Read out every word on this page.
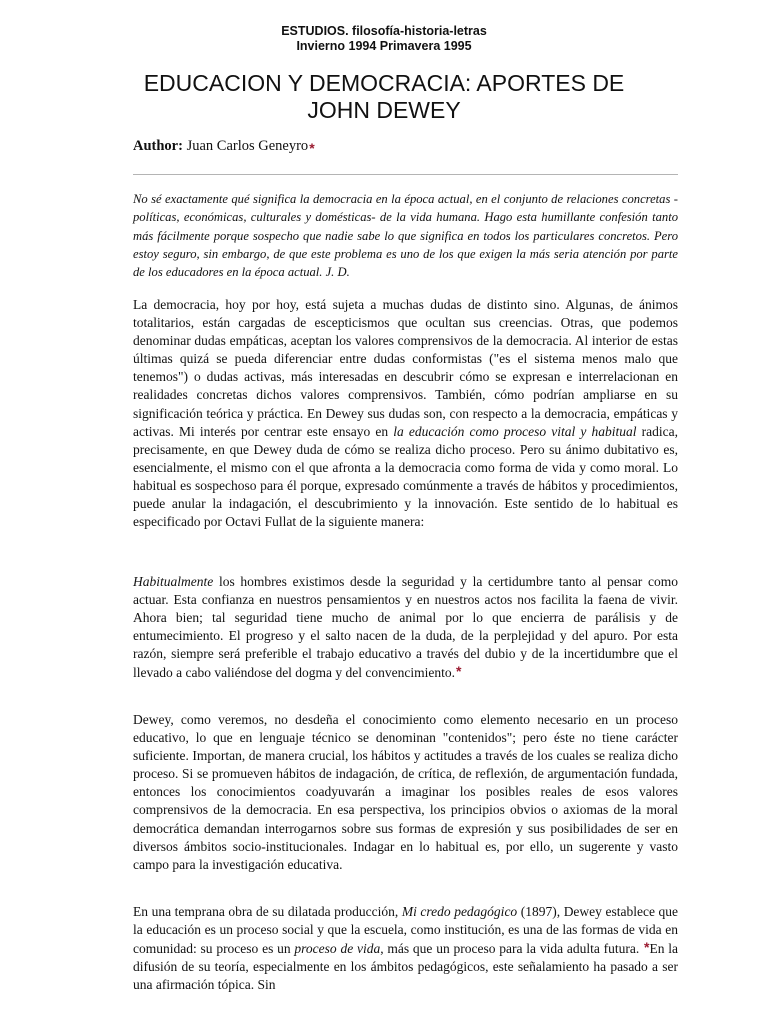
ESTUDIOS. filosofía-historia-letras
Invierno 1994 Primavera 1995
EDUCACION Y DEMOCRACIA: APORTES DE
JOHN DEWEY
Author: Juan Carlos Geneyro*

No sé exactamente qué significa la democracia en la época actual, en el conjunto de relaciones concretas -políticas, económicas, culturales y domésticas- de la vida humana. Hago esta humillante confesión tanto más fácilmente porque sospecho que nadie sabe lo que significa en todos los particulares concretos. Pero estoy seguro, sin embargo, de que este problema es uno de los que exigen la más seria atención por parte de los educadores en la época actual. J. D.

La democracia, hoy por hoy, está sujeta a muchas dudas de distinto sino. Algunas, de ánimos totalitarios, están cargadas de escepticismos que ocultan sus creencias. Otras, que podemos denominar dudas empáticas, aceptan los valores comprensivos de la democracia. Al interior de estas últimas quizá se pueda diferenciar entre dudas conformistas ("es el sistema menos malo que tenemos") o dudas activas, más interesadas en descubrir cómo se expresan e interrelacionan en realidades concretas dichos valores comprensivos. También, cómo podrían ampliarse en su significación teórica y práctica. En Dewey sus dudas son, con respecto a la democracia, empáticas y activas. Mi interés por centrar este ensayo en la educación como proceso vital y habitual radica, precisamente, en que Dewey duda de cómo se realiza dicho proceso. Pero su ánimo dubitativo es, esencialmente, el mismo con el que afronta a la democracia como forma de vida y como moral. Lo habitual es sospechoso para él porque, expresado comúnmente a través de hábitos y procedimientos, puede anular la indagación, el descubrimiento y la innovación. Este sentido de lo habitual es especificado por Octavi Fullat de la siguiente manera:

Habitualmente los hombres existimos desde la seguridad y la certidumbre tanto al pensar como actuar. Esta confianza en nuestros pensamientos y en nuestros actos nos facilita la faena de vivir. Ahora bien; tal seguridad tiene mucho de animal por lo que encierra de parálisis y de entumecimiento. El progreso y el salto nacen de la duda, de la perplejidad y del apuro. Por esta razón, siempre será preferible el trabajo educativo a través del dubio y de la incertidumbre que el llevado a cabo valiéndose del dogma y del convencimiento.*

Dewey, como veremos, no desdeña el conocimiento como elemento necesario en un proceso educativo, lo que en lenguaje técnico se denominan "contenidos"; pero éste no tiene carácter suficiente. Importan, de manera crucial, los hábitos y actitudes a través de los cuales se realiza dicho proceso. Si se promueven hábitos de indagación, de crítica, de reflexión, de argumentación fundada, entonces los conocimientos coadyuvarán a imaginar los posibles reales de esos valores comprensivos de la democracia. En esa perspectiva, los principios obvios o axiomas de la moral democrática demandan interrogarnos sobre sus formas de expresión y sus posibilidades de ser en diversos ámbitos socio-institucionales. Indagar en lo habitual es, por ello, un sugerente y vasto campo para la investigación educativa.

En una temprana obra de su dilatada producción, Mi credo pedagógico (1897), Dewey establece que la educación es un proceso social y que la escuela, como institución, es una de las formas de vida en comunidad: su proceso es un proceso de vida, más que un proceso para la vida adulta futura. *En la difusión de su teoría, especialmente en los ámbitos pedagógicos, este señalamiento ha pasado a ser una afirmación tópica. Sin
